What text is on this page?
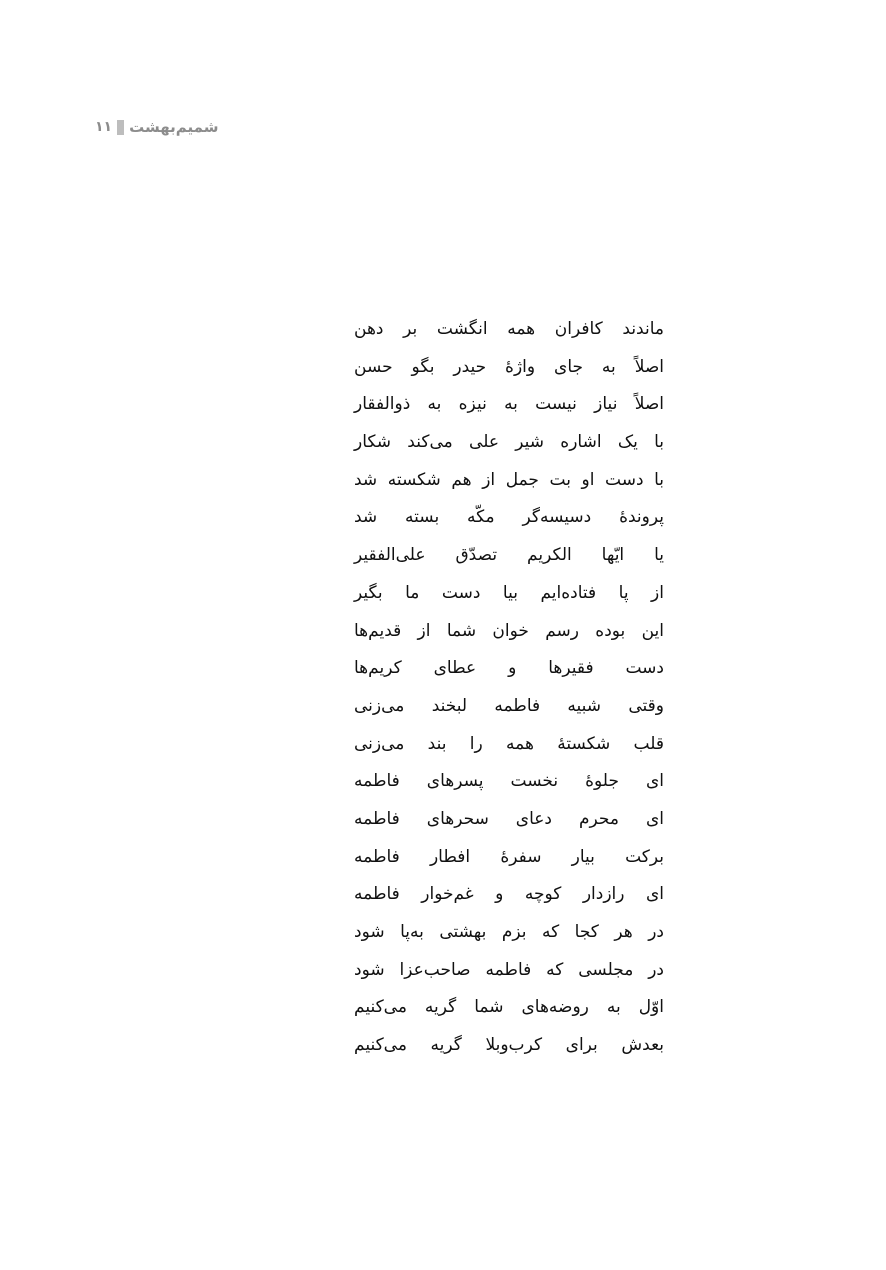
۱۱ شمیم‌بهشت
ماندند کافران همه انگشت بر دهن
اصلاً به جای واژهٔ حیدر بگو حسن
اصلاً نیاز نیست به نیزه به ذوالفقار
با یک اشاره شیر علی می‌کند شکار
با دست او بت جمل از هم شکسته شد
پروندهٔ دسیسه‌گر مکّه بسته شد
یا ایّها الکریم تصدّق علی‌الفقیر
از پا فتاده‌ایم بیا دست ما بگیر
این بوده رسم خوان شما از قدیم‌ها
دست فقیرها و عطای کریم‌ها
وقتی شبیه فاطمه لبخند می‌زنی
قلب شکستهٔ همه را بند می‌زنی
ای جلوهٔ نخست پسرهای فاطمه
ای محرم دعای سحرهای فاطمه
برکت بیار سفرهٔ افطار فاطمه
ای رازدار کوچه و غم‌خوار فاطمه
در هر کجا که بزم بهشتی به‌پا شود
در مجلسی که فاطمه صاحب‌عزا شود
اوّل به روضه‌های شما گریه می‌کنیم
بعدش برای کرب‌وبلا گریه می‌کنیم
